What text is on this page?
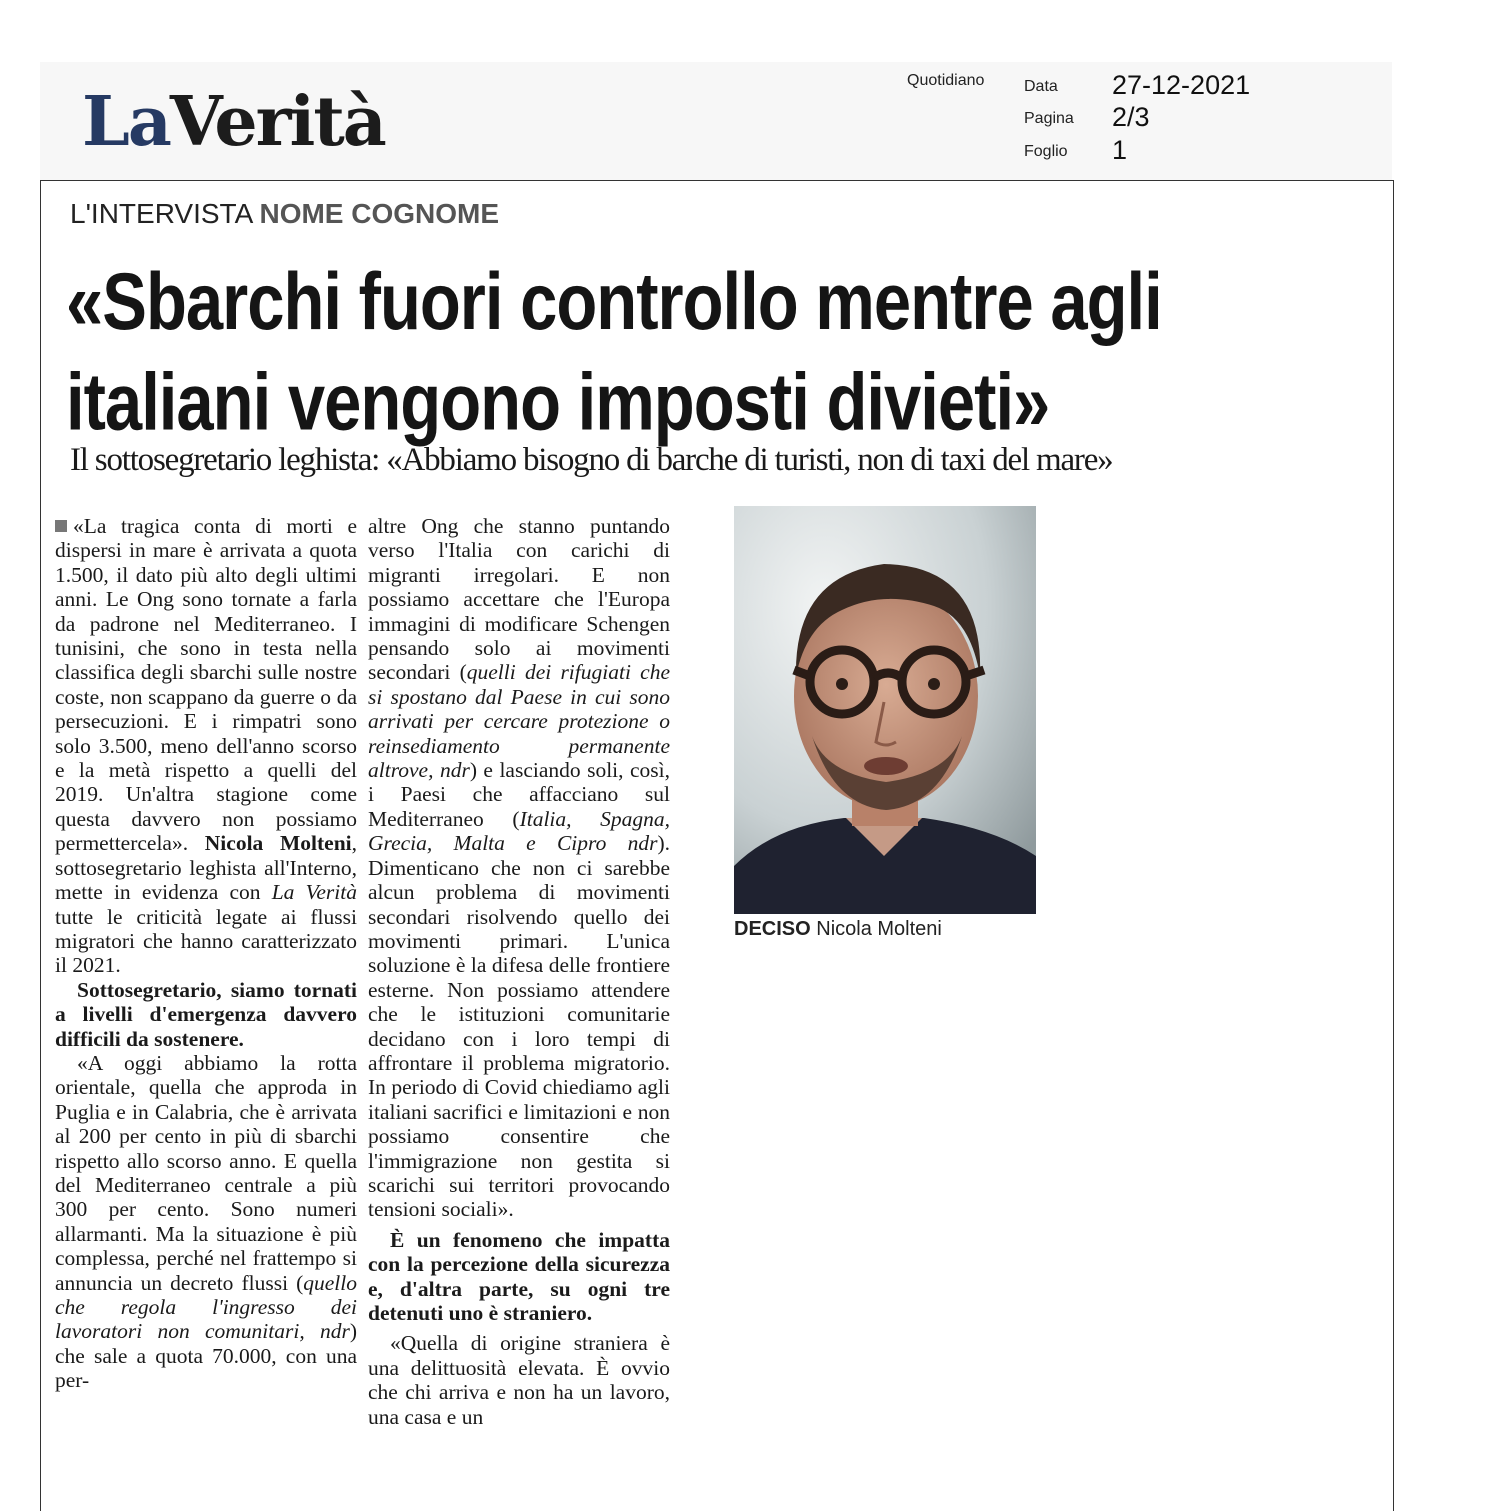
LaVerità
Quotidiano Data 27-12-2021
Pagina 2/3
Foglio 1
L'INTERVISTA NOME COGNOME
«Sbarchi fuori controllo mentre agli italiani vengono imposti divieti»
Il sottosegretario leghista: «Abbiamo bisogno di barche di turisti, non di taxi del mare»

«La tragica conta di morti e dispersi in mare è arrivata a quota 1.500, il dato più alto degli ultimi anni. Le Ong sono tornate a farla da padrone nel Mediterraneo. I tunisini, che sono in testa nella classifica degli sbarchi sulle nostre coste, non scappano da guerre o da persecuzioni. E i rimpatri sono solo 3.500, meno dell'anno scorso e la metà rispetto a quelli del 2019. Un'altra stagione come questa davvero non possiamo permettercela». Nicola Molteni, sottosegretario leghista all'Interno, mette in evidenza con La Verità tutte le criticità legate ai flussi migratori che hanno caratterizzato il 2021.

Sottosegretario, siamo tornati a livelli d'emergenza davvero difficili da sostenere.

«A oggi abbiamo la rotta orientale, quella che approda in Puglia e in Calabria, che è arrivata al 200 per cento in più di sbarchi rispetto allo scorso anno. E quella del Mediterraneo centrale a più 300 per cento. Sono numeri allarmanti. Ma la situazione è più complessa, perché nel frattempo si annuncia un decreto flussi (quello che regola l'ingresso dei lavoratori non comunitari, ndr) che sale a quota 70.000, con una per-

altre Ong che stanno puntando verso l'Italia con carichi di migranti irregolari. E non possiamo accettare che l'Europa immagini di modificare Schengen pensando solo ai movimenti secondari (quelli dei rifugiati che si spostano dal Paese in cui sono arrivati per cercare protezione o reinsediamento permanente altrove, ndr) e lasciando soli, così, i Paesi che affacciano sul Mediterraneo (Italia, Spagna, Grecia, Malta e Cipro ndr). Dimenticano che non ci sarebbe alcun problema di movimenti secondari risolvendo quello dei movimenti primari. L'unica soluzione è la difesa delle frontiere esterne. Non possiamo attendere che le istituzioni comunitarie decidano con i loro tempi di affrontare il problema migratorio. In periodo di Covid chiediamo agli italiani sacrifici e limitazioni e non possiamo consentire che l'immigrazione non gestita si scarichi sui territori provocando tensioni sociali».

È un fenomeno che impatta con la percezione della sicurezza e, d'altra parte, su ogni tre detenuti uno è straniero.

«Quella di origine straniera è una delittuosità elevata. È ovvio che chi arriva e non ha un lavoro, una casa e un

DECISO Nicola Molteni
